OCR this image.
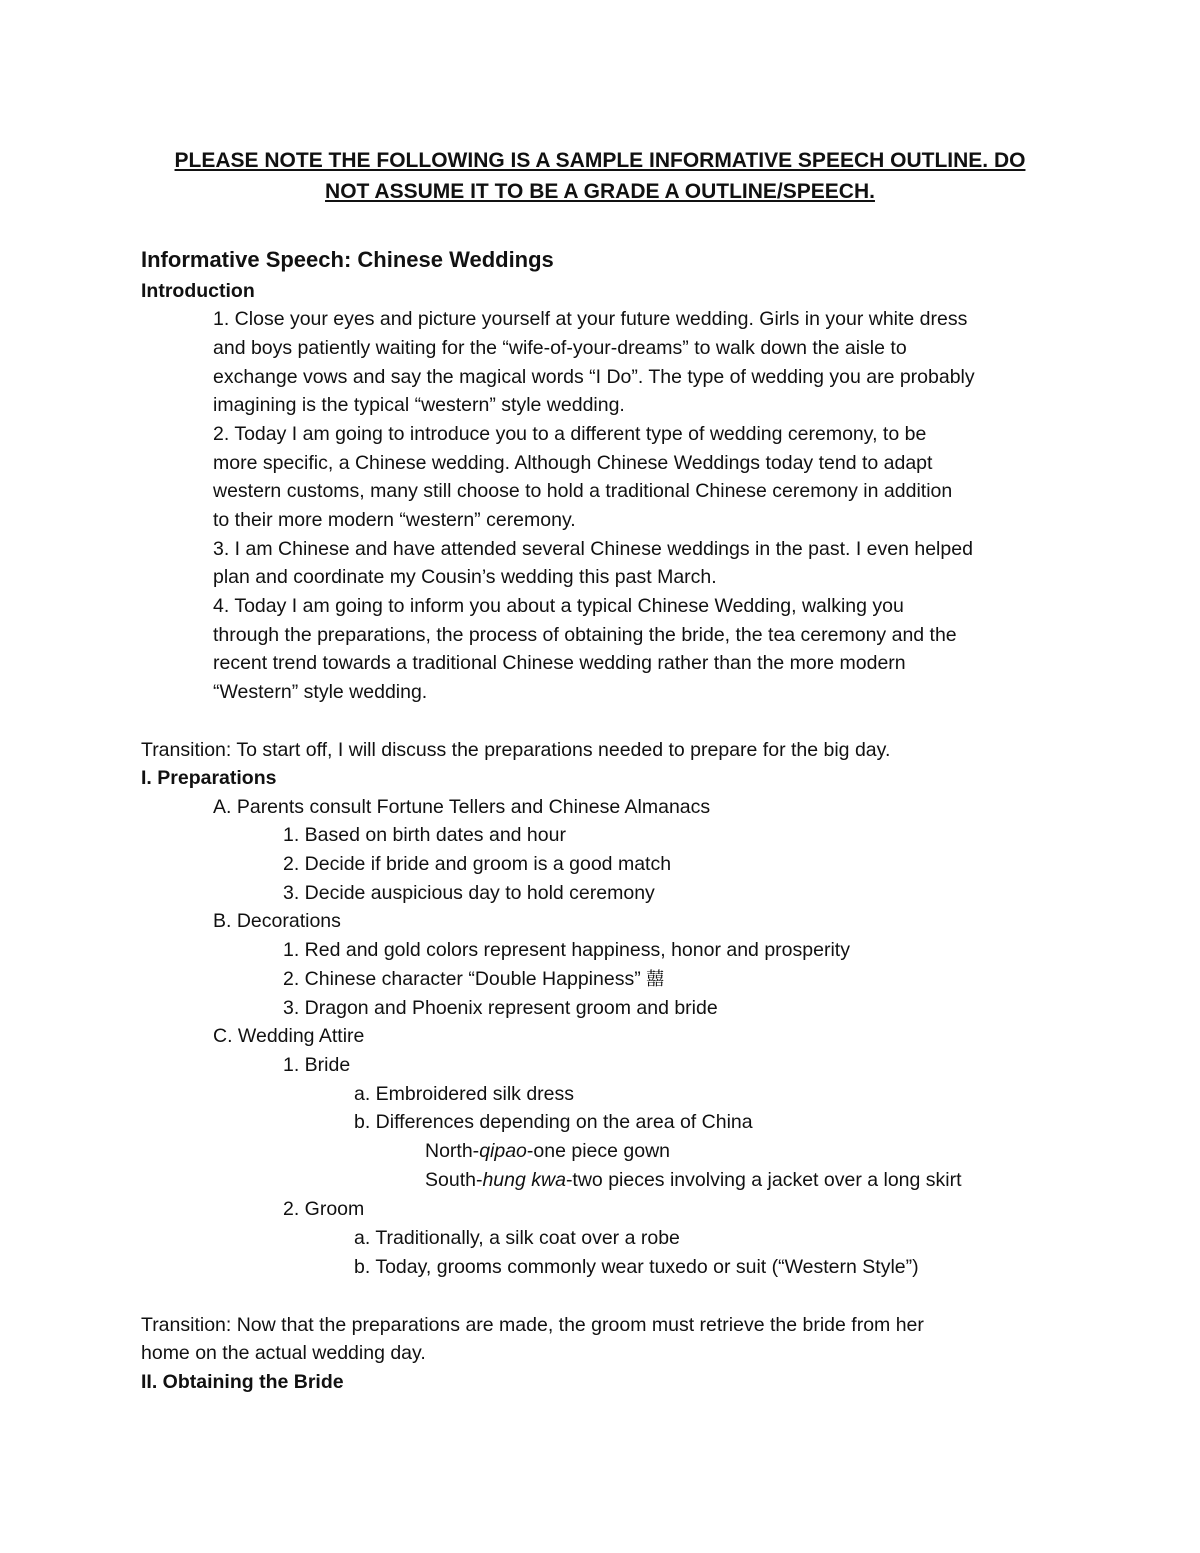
PLEASE NOTE THE FOLLOWING IS A SAMPLE INFORMATIVE SPEECH OUTLINE. DO
NOT ASSUME IT TO BE A GRADE A OUTLINE/SPEECH.
Informative Speech: Chinese Weddings
Introduction
1. Close your eyes and picture yourself at your future wedding. Girls in your white dress
and boys patiently waiting for the “wife-of-your-dreams” to walk down the aisle to
exchange vows and say the magical words “I Do”. The type of wedding you are probably
imagining is the typical “western” style wedding.
2. Today I am going to introduce you to a different type of wedding ceremony, to be
more specific, a Chinese wedding. Although Chinese Weddings today tend to adapt
western customs, many still choose to hold a traditional Chinese ceremony in addition
to their more modern “western” ceremony.
3. I am Chinese and have attended several Chinese weddings in the past. I even helped
plan and coordinate my Cousin’s wedding this past March.
4. Today I am going to inform you about a typical Chinese Wedding, walking you
through the preparations, the process of obtaining the bride, the tea ceremony and the
recent trend towards a traditional Chinese wedding rather than the more modern
“Western” style wedding.
Transition: To start off, I will discuss the preparations needed to prepare for the big day.
I. Preparations
A. Parents consult Fortune Tellers and Chinese Almanacs
1. Based on birth dates and hour
2. Decide if bride and groom is a good match
3. Decide auspicious day to hold ceremony
B. Decorations
1. Red and gold colors represent happiness, honor and prosperity
2. Chinese character “Double Happiness” 囍
3. Dragon and Phoenix represent groom and bride
C. Wedding Attire
1. Bride
a. Embroidered silk dress
b. Differences depending on the area of China
North-qipao-one piece gown
South-hung kwa-two pieces involving a jacket over a long skirt
2. Groom
a. Traditionally, a silk coat over a robe
b. Today, grooms commonly wear tuxedo or suit (“Western Style”)
Transition: Now that the preparations are made, the groom must retrieve the bride from her
home on the actual wedding day.
II. Obtaining the Bride
